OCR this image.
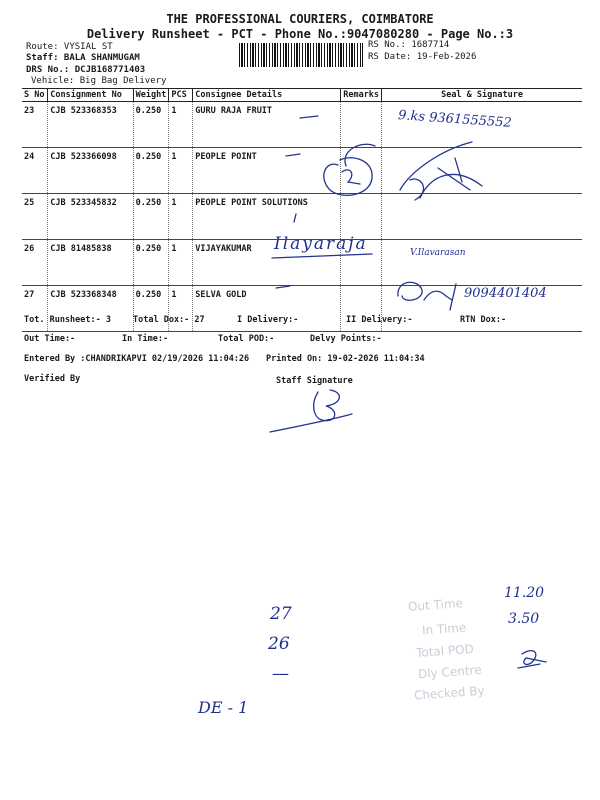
THE PROFESSIONAL COURIERS, COIMBATORE
Delivery Runsheet - PCT - Phone No.:9047080280 - Page No.:3
Route: VYSIAL ST
Staff: BALA SHANMUGAM
DRS No.: DCJB168771403
Vehicle: Big Bag Delivery
RS No.: 1687714
RS Date: 19-Feb-2026
S No	Consignment No	Weight	PCS	Consignee Details	Remarks	Seal & Signature
23	CJB 523368353	0.250	1	GURU RAJA FRUIT		
24	CJB 523366098	0.250	1	PEOPLE POINT		
25	CJB 523345832	0.250	1	PEOPLE POINT SOLUTIONS		
26	CJB 81485838	0.250	1	VIJAYAKUMAR		
27	CJB 523368348	0.250	1	SELVA GOLD		
Tot. Runsheet:- 3	Total Dox:- 27	I Delivery:-	II Delivery:-	RTN Dox:-
Out Time:-	In Time:-	Total POD:-	Delvy Points:-
Entered By :CHANDRIKAPVI 02/19/2026 11:04:26 Printed On: 19-02-2026 11:04:34
Verified By	Staff Signature
9.ks 9361555552
Ilayaraja	V.Ilavarasan
9094401404
27
26
—
DE - 1
11.20
3.50
Out Time
In Time
Total POD
Dly Centre
Checked By
